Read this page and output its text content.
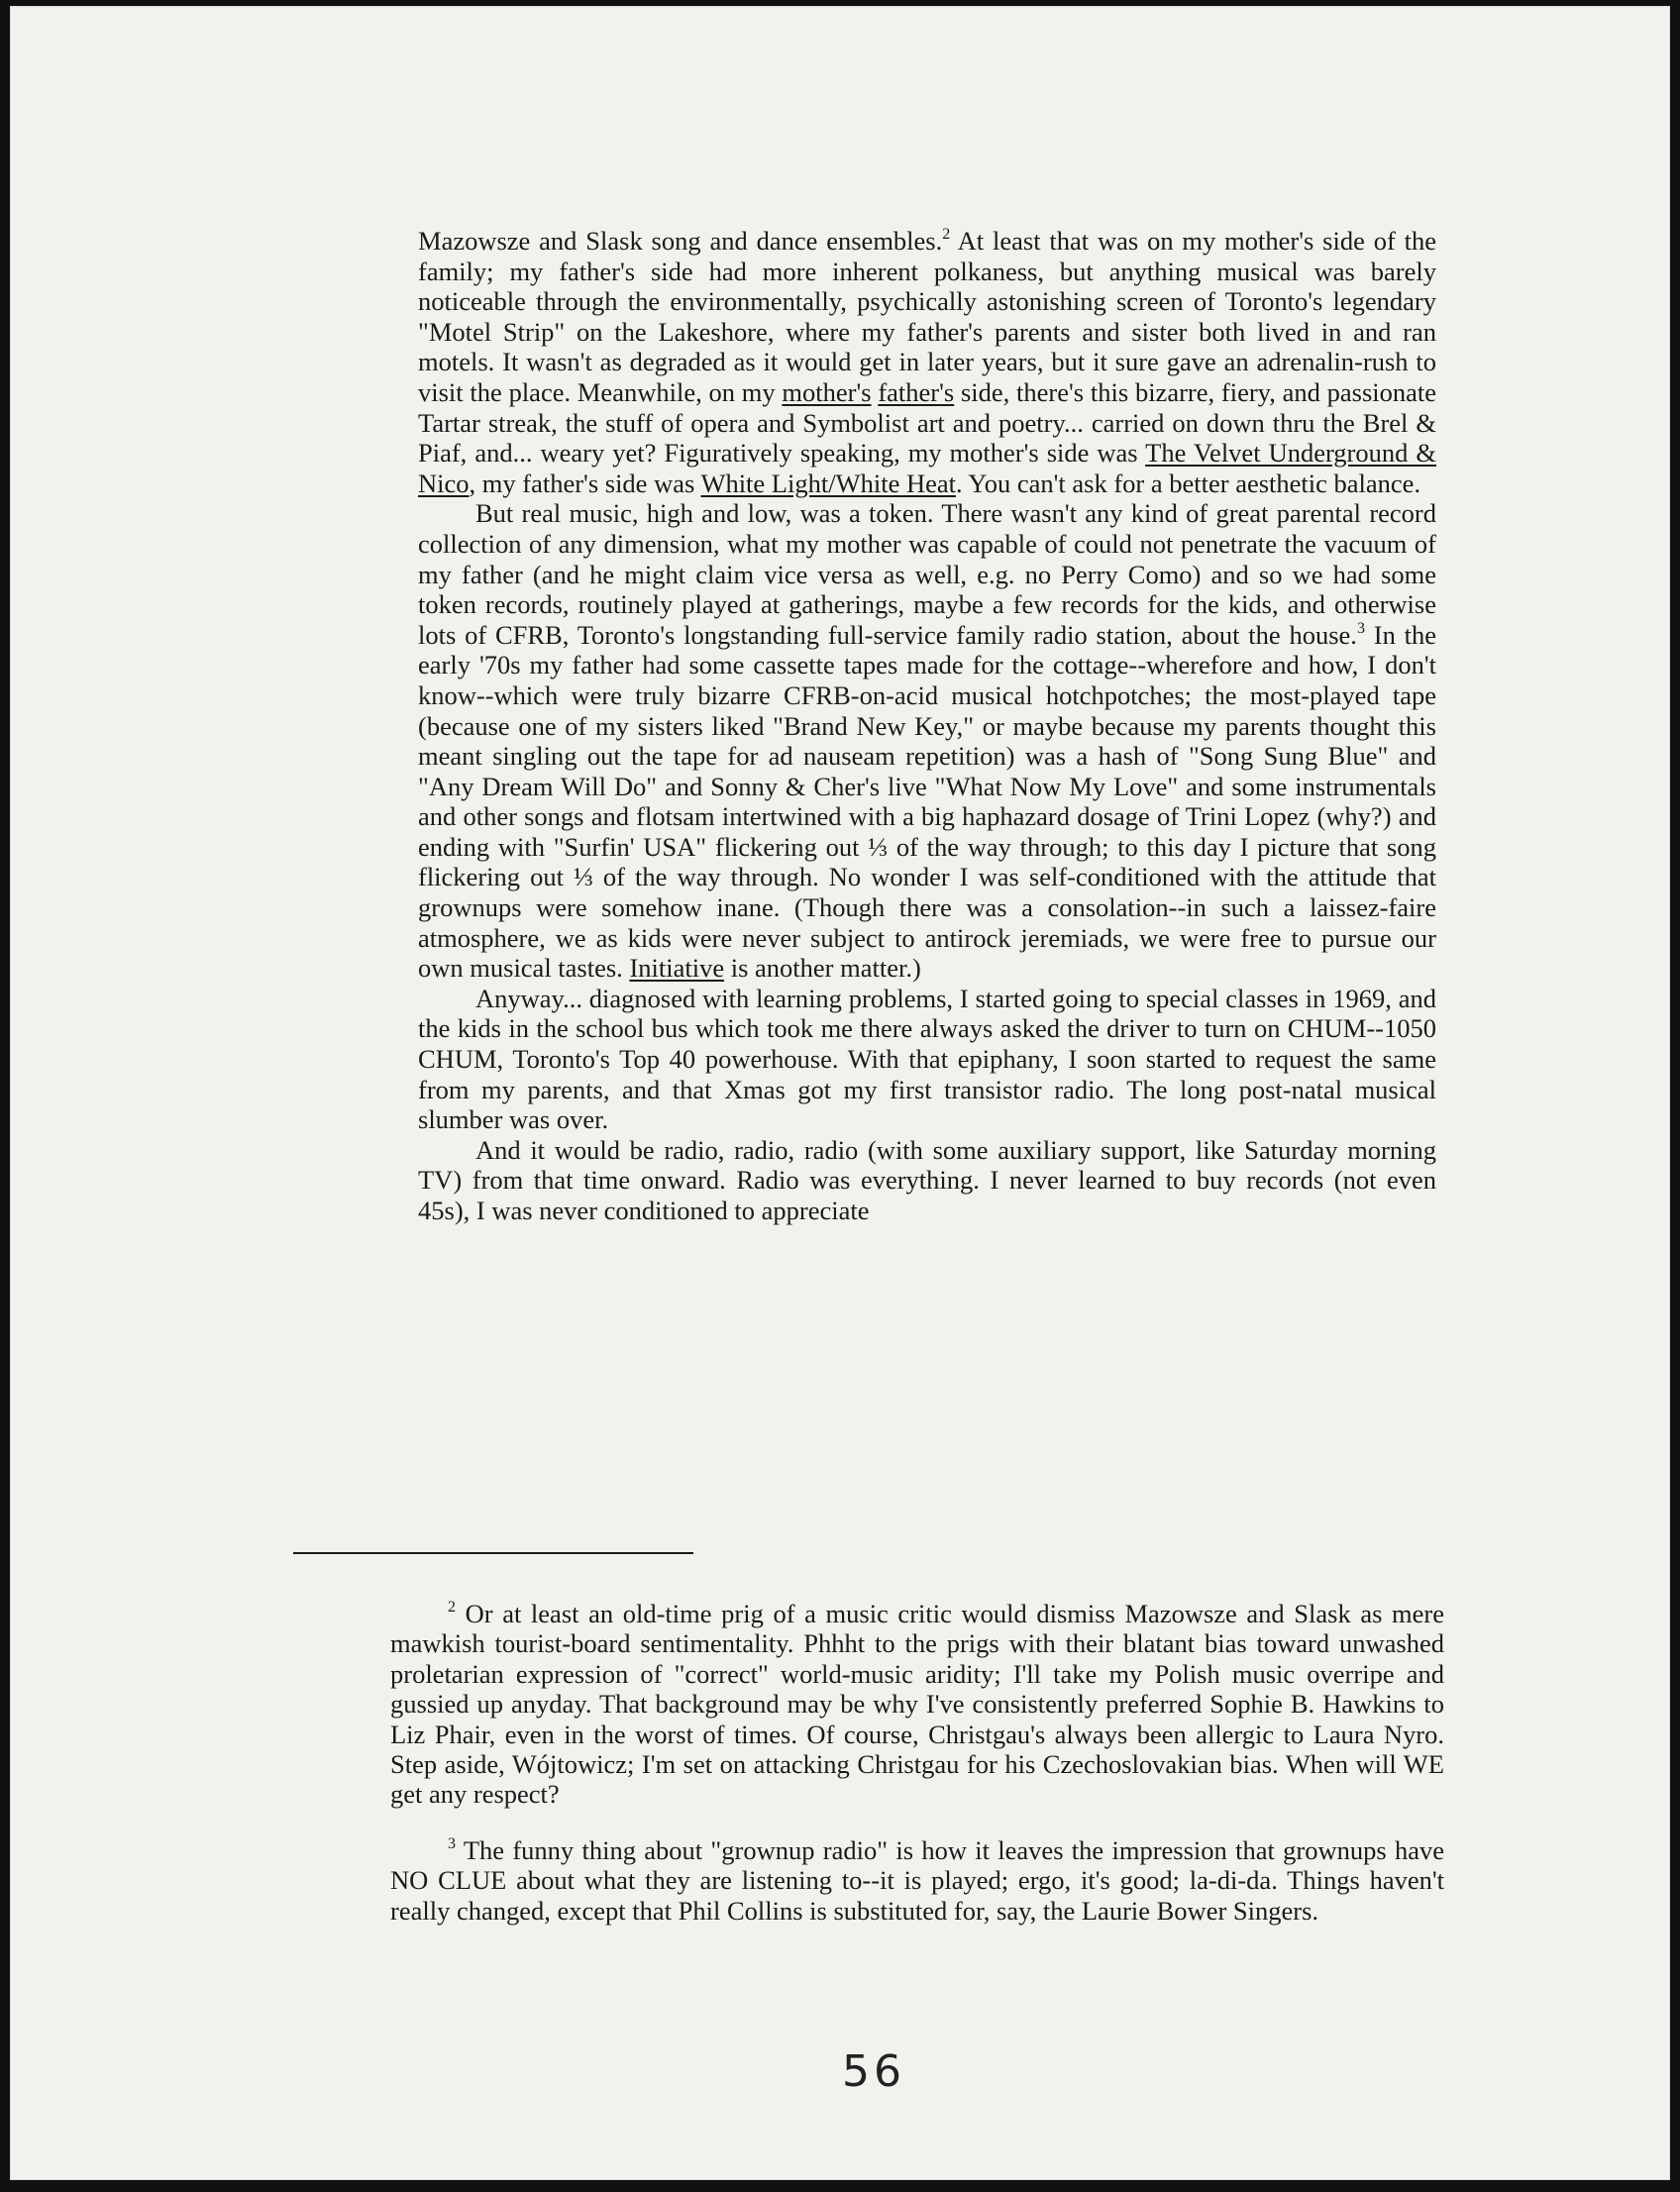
Mazowsze and Slask song and dance ensembles.$^2$ At least that was on my mother's side of the family; my father's side had more inherent polkaness, but anything musical was barely noticeable through the environmentally, psychically astonishing screen of Toronto's legendary "Motel Strip" on the Lakeshore, where my father's parents and sister both lived in and ran motels. It wasn't as degraded as it would get in later years, but it sure gave an adrenalin-rush to visit the place. Meanwhile, on my mother's father's side, there's this bizarre, fiery, and passionate Tartar streak, the stuff of opera and Symbolist art and poetry... carried on down thru the Brel & Piaf, and... weary yet? Figuratively speaking, my mother's side was The Velvet Underground & Nico, my father's side was White Light/White Heat. You can't ask for a better aesthetic balance.

But real music, high and low, was a token. There wasn't any kind of great parental record collection of any dimension, what my mother was capable of could not penetrate the vacuum of my father (and he might claim vice versa as well, e.g. no Perry Como) and so we had some token records, routinely played at gatherings, maybe a few records for the kids, and otherwise lots of CFRB, Toronto's longstanding full-service family radio station, about the house.$^3$ In the early '70s my father had some cassette tapes made for the cottage--wherefore and how, I don't know--which were truly bizarre CFRB-on-acid musical hotchpotches; the most-played tape (because one of my sisters liked "Brand New Key," or maybe because my parents thought this meant singling out the tape for ad nauseam repetition) was a hash of "Song Sung Blue" and "Any Dream Will Do" and Sonny & Cher's live "What Now My Love" and some instrumentals and other songs and flotsam intertwined with a big haphazard dosage of Trini Lopez (why?) and ending with "Surfin' USA" flickering out ⅓ of the way through; to this day I picture that song flickering out ⅓ of the way through. No wonder I was self-conditioned with the attitude that grownups were somehow inane. (Though there was a consolation--in such a laissez-faire atmosphere, we as kids were never subject to antirock jeremiads, we were free to pursue our own musical tastes. Initiative is another matter.)

Anyway... diagnosed with learning problems, I started going to special classes in 1969, and the kids in the school bus which took me there always asked the driver to turn on CHUM--1050 CHUM, Toronto's Top 40 powerhouse. With that epiphany, I soon started to request the same from my parents, and that Xmas got my first transistor radio. The long post-natal musical slumber was over.

And it would be radio, radio, radio (with some auxiliary support, like Saturday morning TV) from that time onward. Radio was everything. I never learned to buy records (not even 45s), I was never conditioned to appreciate

$^2$ Or at least an old-time prig of a music critic would dismiss Mazowsze and Slask as mere mawkish tourist-board sentimentality. Phhht to the prigs with their blatant bias toward unwashed proletarian expression of "correct" world-music aridity; I'll take my Polish music overripe and gussied up anyday. That background may be why I've consistently preferred Sophie B. Hawkins to Liz Phair, even in the worst of times. Of course, Christgau's always been allergic to Laura Nyro. Step aside, Wójtowicz; I'm set on attacking Christgau for his Czechoslovakian bias. When will WE get any respect?

$^3$ The funny thing about "grownup radio" is how it leaves the impression that grownups have NO CLUE about what they are listening to--it is played; ergo, it's good; la-di-da. Things haven't really changed, except that Phil Collins is substituted for, say, the Laurie Bower Singers.

56
